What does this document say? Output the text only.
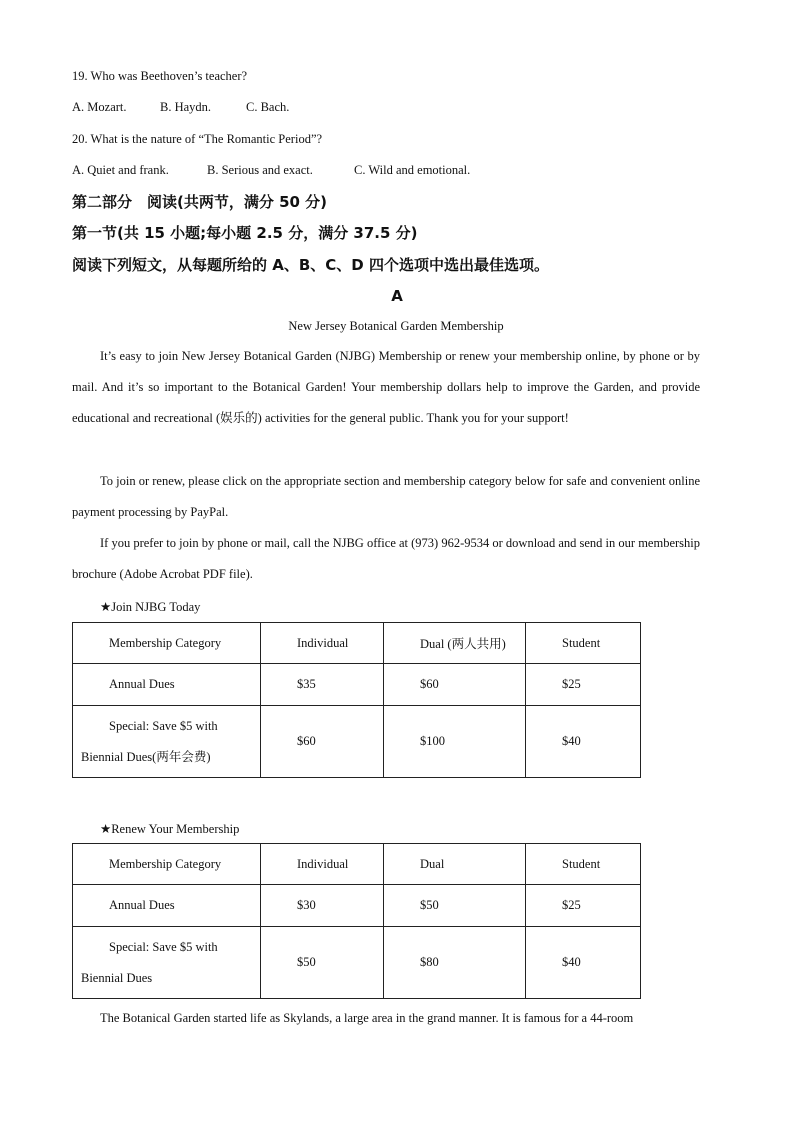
19. Who was Beethoven’s teacher?
A. Mozart.	B. Haydn.	C. Bach.
20. What is the nature of “The Romantic Period”?
A. Quiet and frank.	B. Serious and exact.	C. Wild and emotional.
第二部分　阅读(共两节，满分 50 分)
第一节(共 15 小题;每小题 2.5 分，满分 37.5 分)
阅读下列短文，从每题所给的 A、B、C、D 四个选项中选出最佳选项。
A
New Jersey Botanical Garden Membership

It’s easy to join New Jersey Botanical Garden (NJBG) Membership or renew your membership online, by phone or by mail. And it’s so important to the Botanical Garden! Your membership dollars help to improve the Garden, and provide educational and recreational (娱乐的) activities for the general public. Thank you for your support!

To join or renew, please click on the appropriate section and membership category below for safe and convenient online payment processing by PayPal.

If you prefer to join by phone or mail, call the NJBG office at (973) 962-9534 or download and send in our membership brochure (Adobe Acrobat PDF file).

★Join NJBG Today
Membership Category	Individual	Dual (两人共用)	Student

Annual Dues	$35	$60	$25

Special: Save $5 with
Biennial Dues(两年会费)	$60	$100	$40
★Renew Your Membership
Membership Category	Individual	Dual	Student

Annual Dues	$30	$50	$25

Special: Save $5 with
Biennial Dues	$50	$80	$40

The Botanical Garden started life as Skylands, a large area in the grand manner. It is famous for a 44-room
